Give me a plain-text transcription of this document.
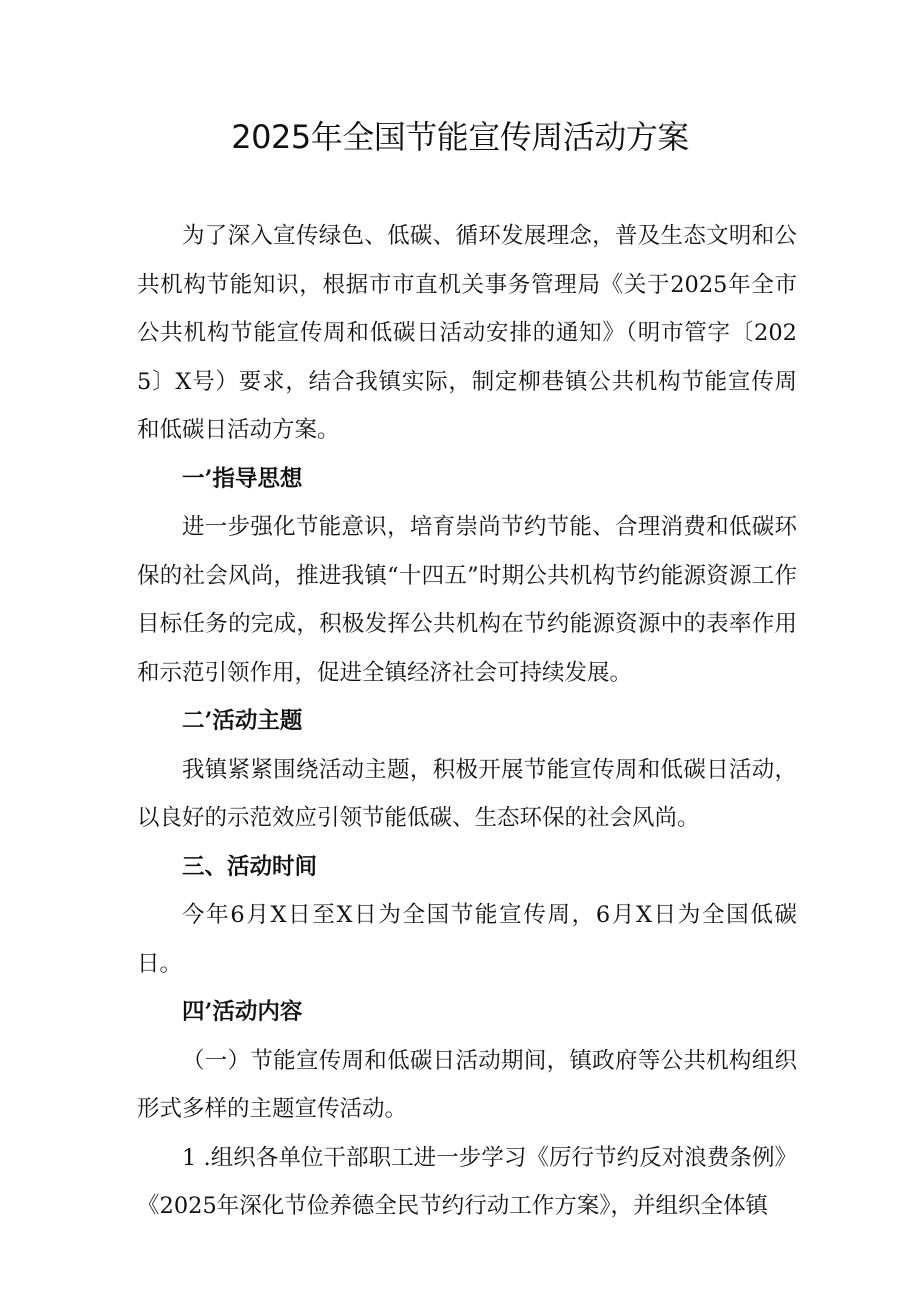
2025年全国节能宣传周活动方案

为了深入宣传绿色、低碳、循环发展理念，普及生态文明和公共机构节能知识，根据市市直机关事务管理局《关于2025年全市公共机构节能宣传周和低碳日活动安排的通知》（明市管字〔2025〕X号）要求，结合我镇实际，制定柳巷镇公共机构节能宣传周和低碳日活动方案。

一’指导思想

进一步强化节能意识，培育崇尚节约节能、合理消费和低碳环保的社会风尚，推进我镇“十四五”时期公共机构节约能源资源工作目标任务的完成，积极发挥公共机构在节约能源资源中的表率作用和示范引领作用，促进全镇经济社会可持续发展。

二’活动主题

我镇紧紧围绕活动主题，积极开展节能宣传周和低碳日活动，以良好的示范效应引领节能低碳、生态环保的社会风尚。

三、活动时间

今年6月X日至X日为全国节能宣传周，6月X日为全国低碳日。

四’活动内容

（一）节能宣传周和低碳日活动期间，镇政府等公共机构组织形式多样的主题宣传活动。

1 .组织各单位干部职工进一步学习《厉行节约反对浪费条例》《2025年深化节俭养德全民节约行动工作方案》，并组织全体镇
